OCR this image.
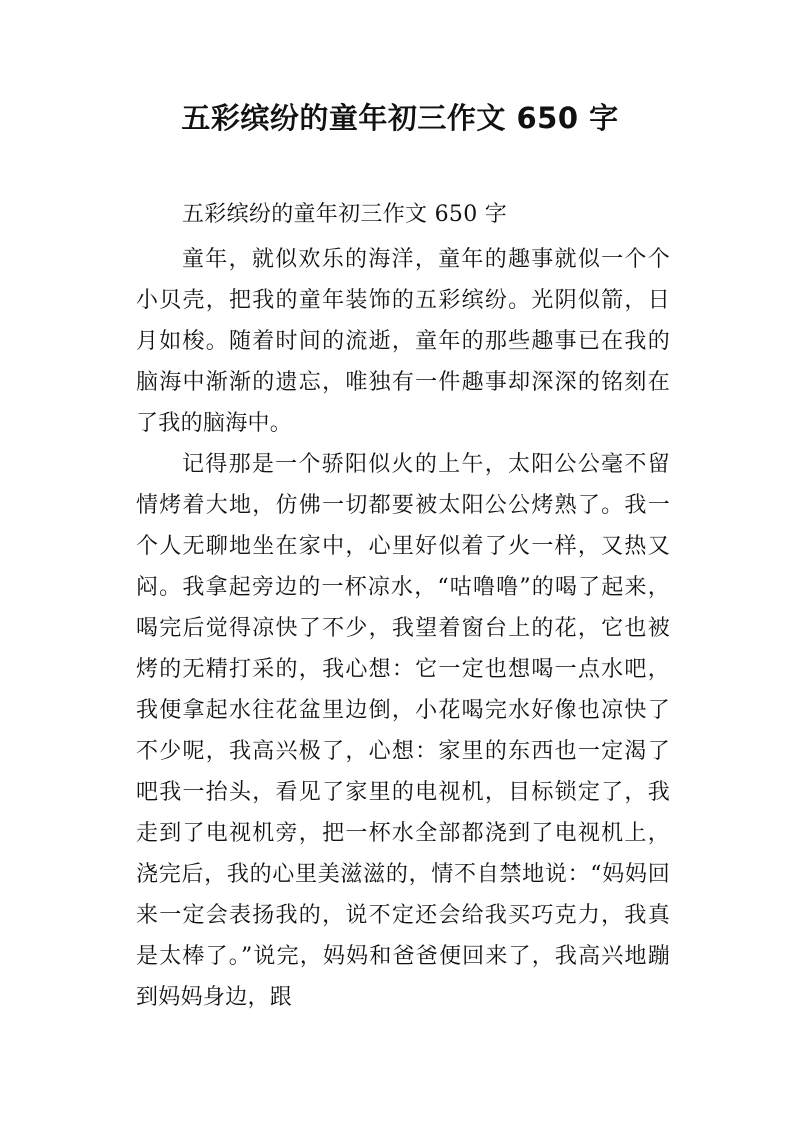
五彩缤纷的童年初三作文 650 字

五彩缤纷的童年初三作文 650 字

童年，就似欢乐的海洋，童年的趣事就似一个个小贝壳，把我的童年装饰的五彩缤纷。光阴似箭，日月如梭。随着时间的流逝，童年的那些趣事已在我的脑海中渐渐的遗忘，唯独有一件趣事却深深的铭刻在了我的脑海中。

记得那是一个骄阳似火的上午，太阳公公毫不留情烤着大地，仿佛一切都要被太阳公公烤熟了。我一个人无聊地坐在家中，心里好似着了火一样，又热又闷。我拿起旁边的一杯凉水，“咕噜噜”的喝了起来，喝完后觉得凉快了不少，我望着窗台上的花，它也被烤的无精打采的，我心想：它一定也想喝一点水吧，我便拿起水往花盆里边倒，小花喝完水好像也凉快了不少呢，我高兴极了，心想：家里的东西也一定渴了吧我一抬头，看见了家里的电视机，目标锁定了，我走到了电视机旁，把一杯水全部都浇到了电视机上，浇完后，我的心里美滋滋的，情不自禁地说：“妈妈回来一定会表扬我的，说不定还会给我买巧克力，我真是太棒了。”说完，妈妈和爸爸便回来了，我高兴地蹦到妈妈身边，跟
